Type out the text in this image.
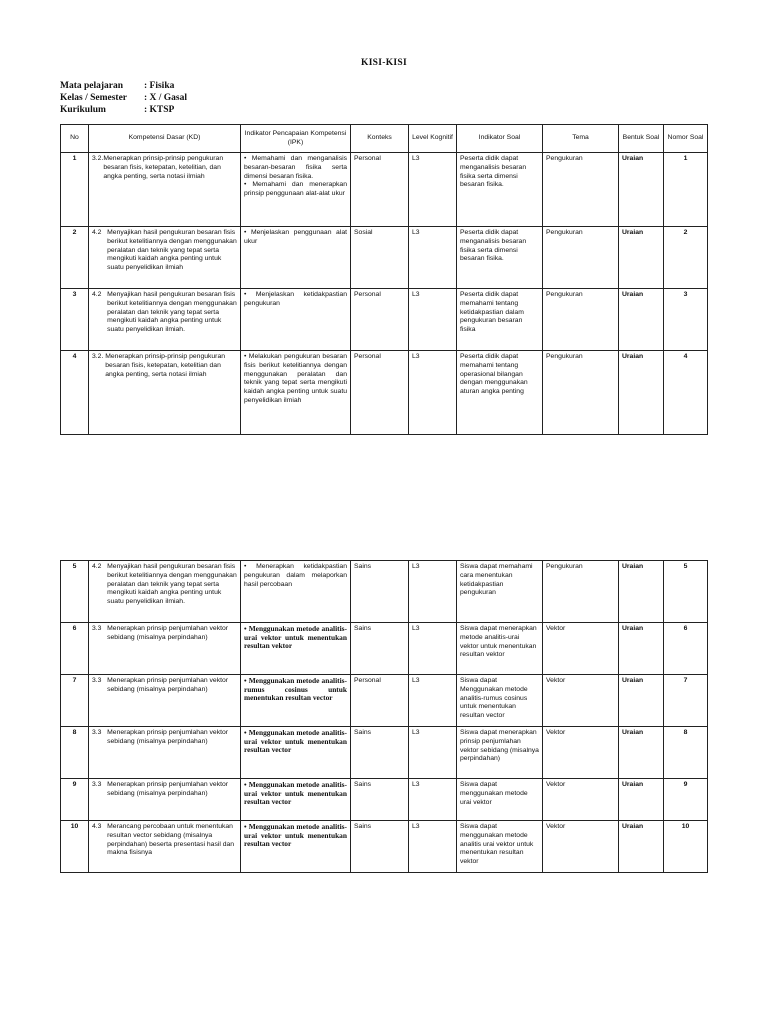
KISI-KISI
Mata pelajaran	: Fisika
Kelas / Semester	: X / Gasal
Kurikulum	: KTSP
No	Kompetensi Dasar (KD)	Indikator Pencapaian Kompetensi (IPK)	Konteks	Level Kognitif	Indikator Soal	Tema	Bentuk Soal	Nomor Soal
1	3.2. Menerapkan prinsip-prinsip pengukuran besaran fisis, ketepatan, ketelitian, dan angka penting, serta notasi ilmiah	• Memahami dan menganalisis besaran-besaran fisika serta dimensi besaran fisika.
• Memahami dan menerapkan prinsip penggunaan alat-alat ukur	Personal	L3	Peserta didik dapat menganalisis besaran fisika serta dimensi besaran fisika.	Pengukuran	Uraian	1
2	4.2 Menyajikan hasil pengukuran besaran fisis berikut ketelitiannya dengan menggunakan peralatan dan teknik yang tepat serta mengikuti kaidah angka penting untuk suatu penyelidikan ilmiah	• Menjelaskan penggunaan alat ukur	Sosial	L3	Peserta didik dapat menganalisis besaran fisika serta dimensi besaran fisika.	Pengukuran	Uraian	2
3	4.2 Menyajikan hasil pengukuran besaran fisis berikut ketelitiannya dengan menggunakan peralatan dan teknik yang tepat serta mengikuti kaidah angka penting untuk suatu penyelidikan ilmiah.	• Menjelaskan ketidakpastian pengukuran	Personal	L3	Peserta didik dapat memahami tentang ketidakpastian dalam pengukuran besaran fisika	Pengukuran	Uraian	3
4	3.2. Menerapkan prinsip-prinsip pengukuran besaran fisis, ketepatan, ketelitian dan angka penting, serta notasi ilmiah	• Melakukan pengukuran besaran fisis berikut ketelitiannya dengan menggunakan peralatan dan teknik yang tepat serta mengikuti kaidah angka penting untuk suatu penyelidikan ilmiah	Personal	L3	Peserta didik dapat memahami tentang operasional bilangan dengan menggunakan aturan angka penting	Pengukuran	Uraian	4
5	4.2 Menyajikan hasil pengukuran besaran fisis berikut ketelitiannya dengan menggunakan peralatan dan teknik yang tepat serta mengikuti kaidah angka penting untuk suatu penyelidikan ilmiah.	• Menerapkan ketidakpastian pengukuran dalam melaporkan hasil percobaan	Sains	L3	Siswa dapat memahami cara menentukan ketidakpastian pengukuran	Pengukuran	Uraian	5
6	3.3 Menerapkan prinsip penjumlahan vektor sebidang (misalnya perpindahan)	• Menggunakan metode analitis-urai vektor untuk menentukan resultan vektor	Sains	L3	Siswa dapat menerapkan metode analitis-urai vektor untuk menentukan resultan vektor	Vektor	Uraian	6
7	3.3 Menerapkan prinsip penjumlahan vektor sebidang (misalnya perpindahan)	• Menggunakan metode analitis-rumus cosinus untuk menentukan resultan vector	Personal	L3	Siswa dapat Menggunakan metode analitis-rumus cosinus untuk menentukan resultan vector	Vektor	Uraian	7
8	3.3 Menerapkan prinsip penjumlahan vektor sebidang (misalnya perpindahan)	• Menggunakan metode analitis-urai vektor untuk menentukan resultan vector	Sains	L3	Siswa dapat menerapkan prinsip penjumlahan vektor sebidang (misalnya perpindahan)	Vektor	Uraian	8
9	3.3 Menerapkan prinsip penjumlahan vektor sebidang (misalnya perpindahan)	• Menggunakan metode analitis-urai vektor untuk menentukan resultan vector	Sains	L3	Siswa dapat menggunakan metode urai vektor	Vektor	Uraian	9
10	4.3 Merancang percobaan untuk menentukan resultan vector sebidang (misalnya perpindahan) beserta presentasi hasil dan makna fisisnya	• Menggunakan metode analitis-urai vektor untuk menentukan resultan vector	Sains	L3	Siswa dapat menggunakan metode analitis urai vektor untuk menentukan resultan vektor	Vektor	Uraian	10
